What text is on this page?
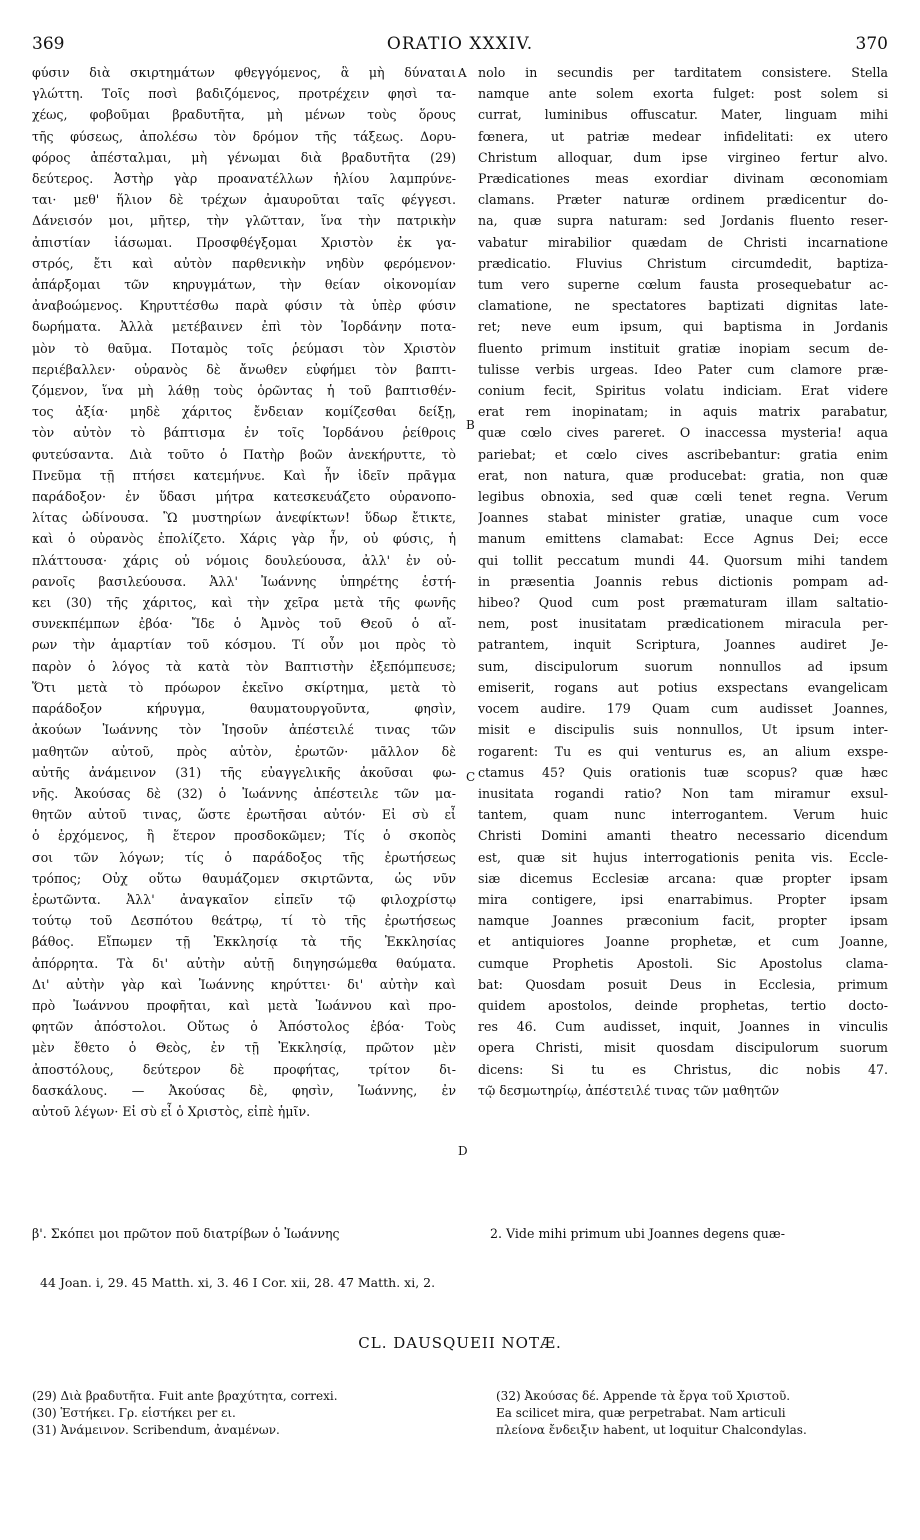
369	ORATIO XXXIV.	370
φύσιν διὰ σκιρτημάτων φθεγγόμενος, ἃ μὴ δύναται
γλώττη. Τοῖς ποσὶ βαδιζόμενος, προτρέχειν φησὶ τα-
χέως, φοβοῦμαι βραδυτῆτα, μὴ μένων τοὺς ὅρους
τῆς φύσεως, ἀπολέσω τὸν δρόμον τῆς τάξεως. Δορυ-
φόρος ἀπέσταλμαι, μὴ γένωμαι διὰ βραδυτῆτα (29)
δεύτερος. Ἀστὴρ γὰρ προανατέλλων ἡλίου λαμπρύνε-
ται· μεθ' ἥλιον δὲ τρέχων ἀμαυροῦται ταῖς φέγγεσι.
Δάνεισόν μοι, μῆτερ, τὴν γλῶτταν, ἵνα τὴν πατρικὴν
ἀπιστίαν ἰάσωμαι. Προσφθέγξομαι Χριστὸν ἐκ γα-
στρός, ἔτι καὶ αὐτὸν παρθενικὴν νηδὺν φερόμενον·
ἀπάρξομαι τῶν κηρυγμάτων, τὴν θείαν οἰκονομίαν
ἀναβοώμενος. Κηρυττέσθω παρὰ φύσιν τὰ ὑπὲρ φύσιν
δωρήματα. Ἀλλὰ μετέβαινεν ἐπὶ τὸν Ἰορδάνην ποτα-
μὸν τὸ θαῦμα. Ποταμὸς τοῖς ῥεύμασι τὸν Χριστὸν
περιέβαλλεν· οὐρανὸς δὲ ἄνωθεν εὐφήμει τὸν βαπτι-
ζόμενον, ἵνα μὴ λάθῃ τοὺς ὁρῶντας ἡ τοῦ βαπτισθέν-
τος ἀξία· μηδὲ χάριτος ἔνδειαν κομίζεσθαι δείξῃ,
τὸν αὐτὸν τὸ βάπτισμα ἐν τοῖς Ἰορδάνου ῥείθροις
φυτεύσαντα. Διὰ τοῦτο ὁ Πατὴρ βοῶν ἀνεκήρυττε, τὸ
Πνεῦμα τῇ πτήσει κατεμήνυε. Καὶ ἦν ἰδεῖν πρᾶγμα
παράδοξον· ἐν ὕδασι μήτρα κατεσκευάζετο οὐρανοπο-
λίτας ὠδίνουσα. Ὢ μυστηρίων ἀνεφίκτων! ὕδωρ ἔτικτε,
καὶ ὁ οὐρανὸς ἐπολίζετο. Χάρις γὰρ ἦν, οὐ φύσις, ἡ
πλάττουσα· χάρις οὐ νόμοις δουλεύουσα, ἀλλ' ἐν οὐ-
ρανοῖς βασιλεύουσα. Ἀλλ' Ἰωάννης ὑπηρέτης ἑστή-
κει (30) τῆς χάριτος, καὶ τὴν χεῖρα μετὰ τῆς φωνῆς
συνεκπέμπων ἐβόα· Ἴδε ὁ Ἀμνὸς τοῦ Θεοῦ ὁ αἴ-
ρων τὴν ἁμαρτίαν τοῦ κόσμου. Τί οὖν μοι πρὸς τὸ
παρὸν ὁ λόγος τὰ κατὰ τὸν Βαπτιστὴν ἐξεπόμπευσε;
Ὅτι μετὰ τὸ πρόωρον ἐκεῖνο σκίρτημα, μετὰ τὸ
παράδοξον κήρυγμα, θαυματουργοῦντα, φησὶν,
ἀκούων Ἰωάννης τὸν Ἰησοῦν ἀπέστειλέ τινας τῶν
μαθητῶν αὐτοῦ, πρὸς αὐτὸν, ἐρωτῶν· μᾶλλον δὲ
αὐτῆς ἀνάμεινον (31) τῆς εὐαγγελικῆς ἀκοῦσαι φω-
νῆς. Ἀκούσας δὲ (32) ὁ Ἰωάννης ἀπέστειλε τῶν μα-
θητῶν αὐτοῦ τινας, ὥστε ἐρωτῆσαι αὐτόν· Εἰ σὺ εἶ
ὁ ἐρχόμενος, ἢ ἕτερον προσδοκῶμεν; Τίς ὁ σκοπὸς
σοι τῶν λόγων; τίς ὁ παράδοξος τῆς ἐρωτήσεως
τρόπος; Οὐχ οὕτω θαυμάζομεν σκιρτῶντα, ὡς νῦν
ἐρωτῶντα. Ἀλλ' ἀναγκαῖον εἰπεῖν τῷ φιλοχρίστῳ
τούτῳ τοῦ Δεσπότου θεάτρῳ, τί τὸ τῆς ἐρωτήσεως
βάθος. Εἴπωμεν τῇ Ἐκκλησίᾳ τὰ τῆς Ἐκκλησίας
ἀπόρρητα. Τὰ δι' αὐτὴν αὐτῇ διηγησώμεθα θαύματα.
Δι' αὐτὴν γὰρ καὶ Ἰωάννης κηρύττει· δι' αὐτὴν καὶ
πρὸ Ἰωάννου προφῆται, καὶ μετὰ Ἰωάννου καὶ προ-
φητῶν ἀπόστολοι. Οὕτως ὁ Ἀπόστολος ἐβόα· Τοὺς
μὲν ἔθετο ὁ Θεὸς, ἐν τῇ Ἐκκλησίᾳ, πρῶτον μὲν
ἀποστόλους, δεύτερον δὲ προφήτας, τρίτον δι-
δασκάλους. — Ἀκούσας δὲ, φησὶν, Ἰωάννης, ἐν
αὐτοῦ λέγων· Εἰ σὺ εἶ ὁ Χριστὸς, εἰπὲ ἡμῖν.
nolo in secundis per tarditatem consistere. Stella
namque ante solem exorta fulget: post solem si
currat, luminibus offuscatur. Mater, linguam mihi
fœnera, ut patriæ medear infidelitati: ex utero
Christum alloquar, dum ipse virgineo fertur alvo.
Prædicationes meas exordiar divinam œconomiam
clamans. Præter naturæ ordinem prædicentur do-
na, quæ supra naturam: sed Jordanis fluento reser-
vabatur mirabilior quædam de Christi incarnatione
prædicatio. Fluvius Christum circumdedit, baptiza-
tum vero superne cœlum fausta prosequebatur ac-
clamatione, ne spectatores baptizati dignitas late-
ret; neve eum ipsum, qui baptisma in Jordanis
fluento primum instituit gratiæ inopiam secum de-
tulisse verbis urgeas. Ideo Pater cum clamore præ-
conium fecit, Spiritus volatu indiciam. Erat videre
erat rem inopinatam; in aquis matrix parabatur,
quæ cœlo cives pareret. O inaccessa mysteria! aqua
pariebat; et cœlo cives ascribebantur: gratia enim
erat, non natura, quæ producebat: gratia, non quæ
legibus obnoxia, sed quæ cœli tenet regna. Verum
Joannes stabat minister gratiæ, unaque cum voce
manum emittens clamabat: Ecce Agnus Dei; ecce
qui tollit peccatum mundi 44. Quorsum mihi tandem
in præsentia Joannis rebus dictionis pompam ad-
hibeo? Quod cum post præmaturam illam saltatio-
nem, post inusitatam prædicationem miracula per-
patrantem, inquit Scriptura, Joannes audiret Je-
sum, discipulorum suorum nonnullos ad ipsum
emiserit, rogans aut potius exspectans evangelicam
vocem audire. 179 Quam cum audisset Joannes,
misit e discipulis suis nonnullos, Ut ipsum inter-
rogarent: Tu es qui venturus es, an alium exspe-
ctamus 45? Quis orationis tuæ scopus? quæ hæc
inusitata rogandi ratio? Non tam miramur exsul-
tantem, quam nunc interrogantem. Verum huic
Christi Domini amanti theatro necessario dicendum
est, quæ sit hujus interrogationis penita vis. Eccle-
siæ dicemus Ecclesiæ arcana: quæ propter ipsam
mira contigere, ipsi enarrabimus. Propter ipsam
namque Joannes præconium facit, propter ipsam
et antiquiores Joanne prophetæ, et cum Joanne,
cumque Prophetis Apostoli. Sic Apostolus clama-
bat: Quosdam posuit Deus in Ecclesia, primum
quidem apostolos, deinde prophetas, tertio docto-
res 46. Cum audisset, inquit, Joannes in vinculis
opera Christi, misit quosdam discipulorum suorum
dicens: Si tu es Christus, dic nobis 47.
τῷ δεσμωτηρίῳ, ἀπέστειλέ τινας τῶν μαθητῶν
A
B
C
D
β'. Σκόπει μοι πρῶτον ποῦ διατρίβων ὁ Ἰωάννης	2. Vide mihi primum ubi Joannes degens quæ-
44 Joan. i, 29. 45 Matth. xi, 3. 46 I Cor. xii, 28. 47 Matth. xi, 2.
CL. DAUSQUEII NOTÆ.
(29) Διὰ βραδυτῆτα. Fuit ante βραχύτητα, correxi.
(30) Ἑστήκει. Γρ. εἱστήκει per ει.
(31) Ἀνάμεινον. Scribendum, ἀναμένων.
(32) Ἀκούσας δέ. Appende τὰ ἔργα τοῦ Χριστοῦ.
Ea scilicet mira, quæ perpetrabat. Nam articuli
πλείονα ἔνδειξιν habent, ut loquitur Chalcondylas.
